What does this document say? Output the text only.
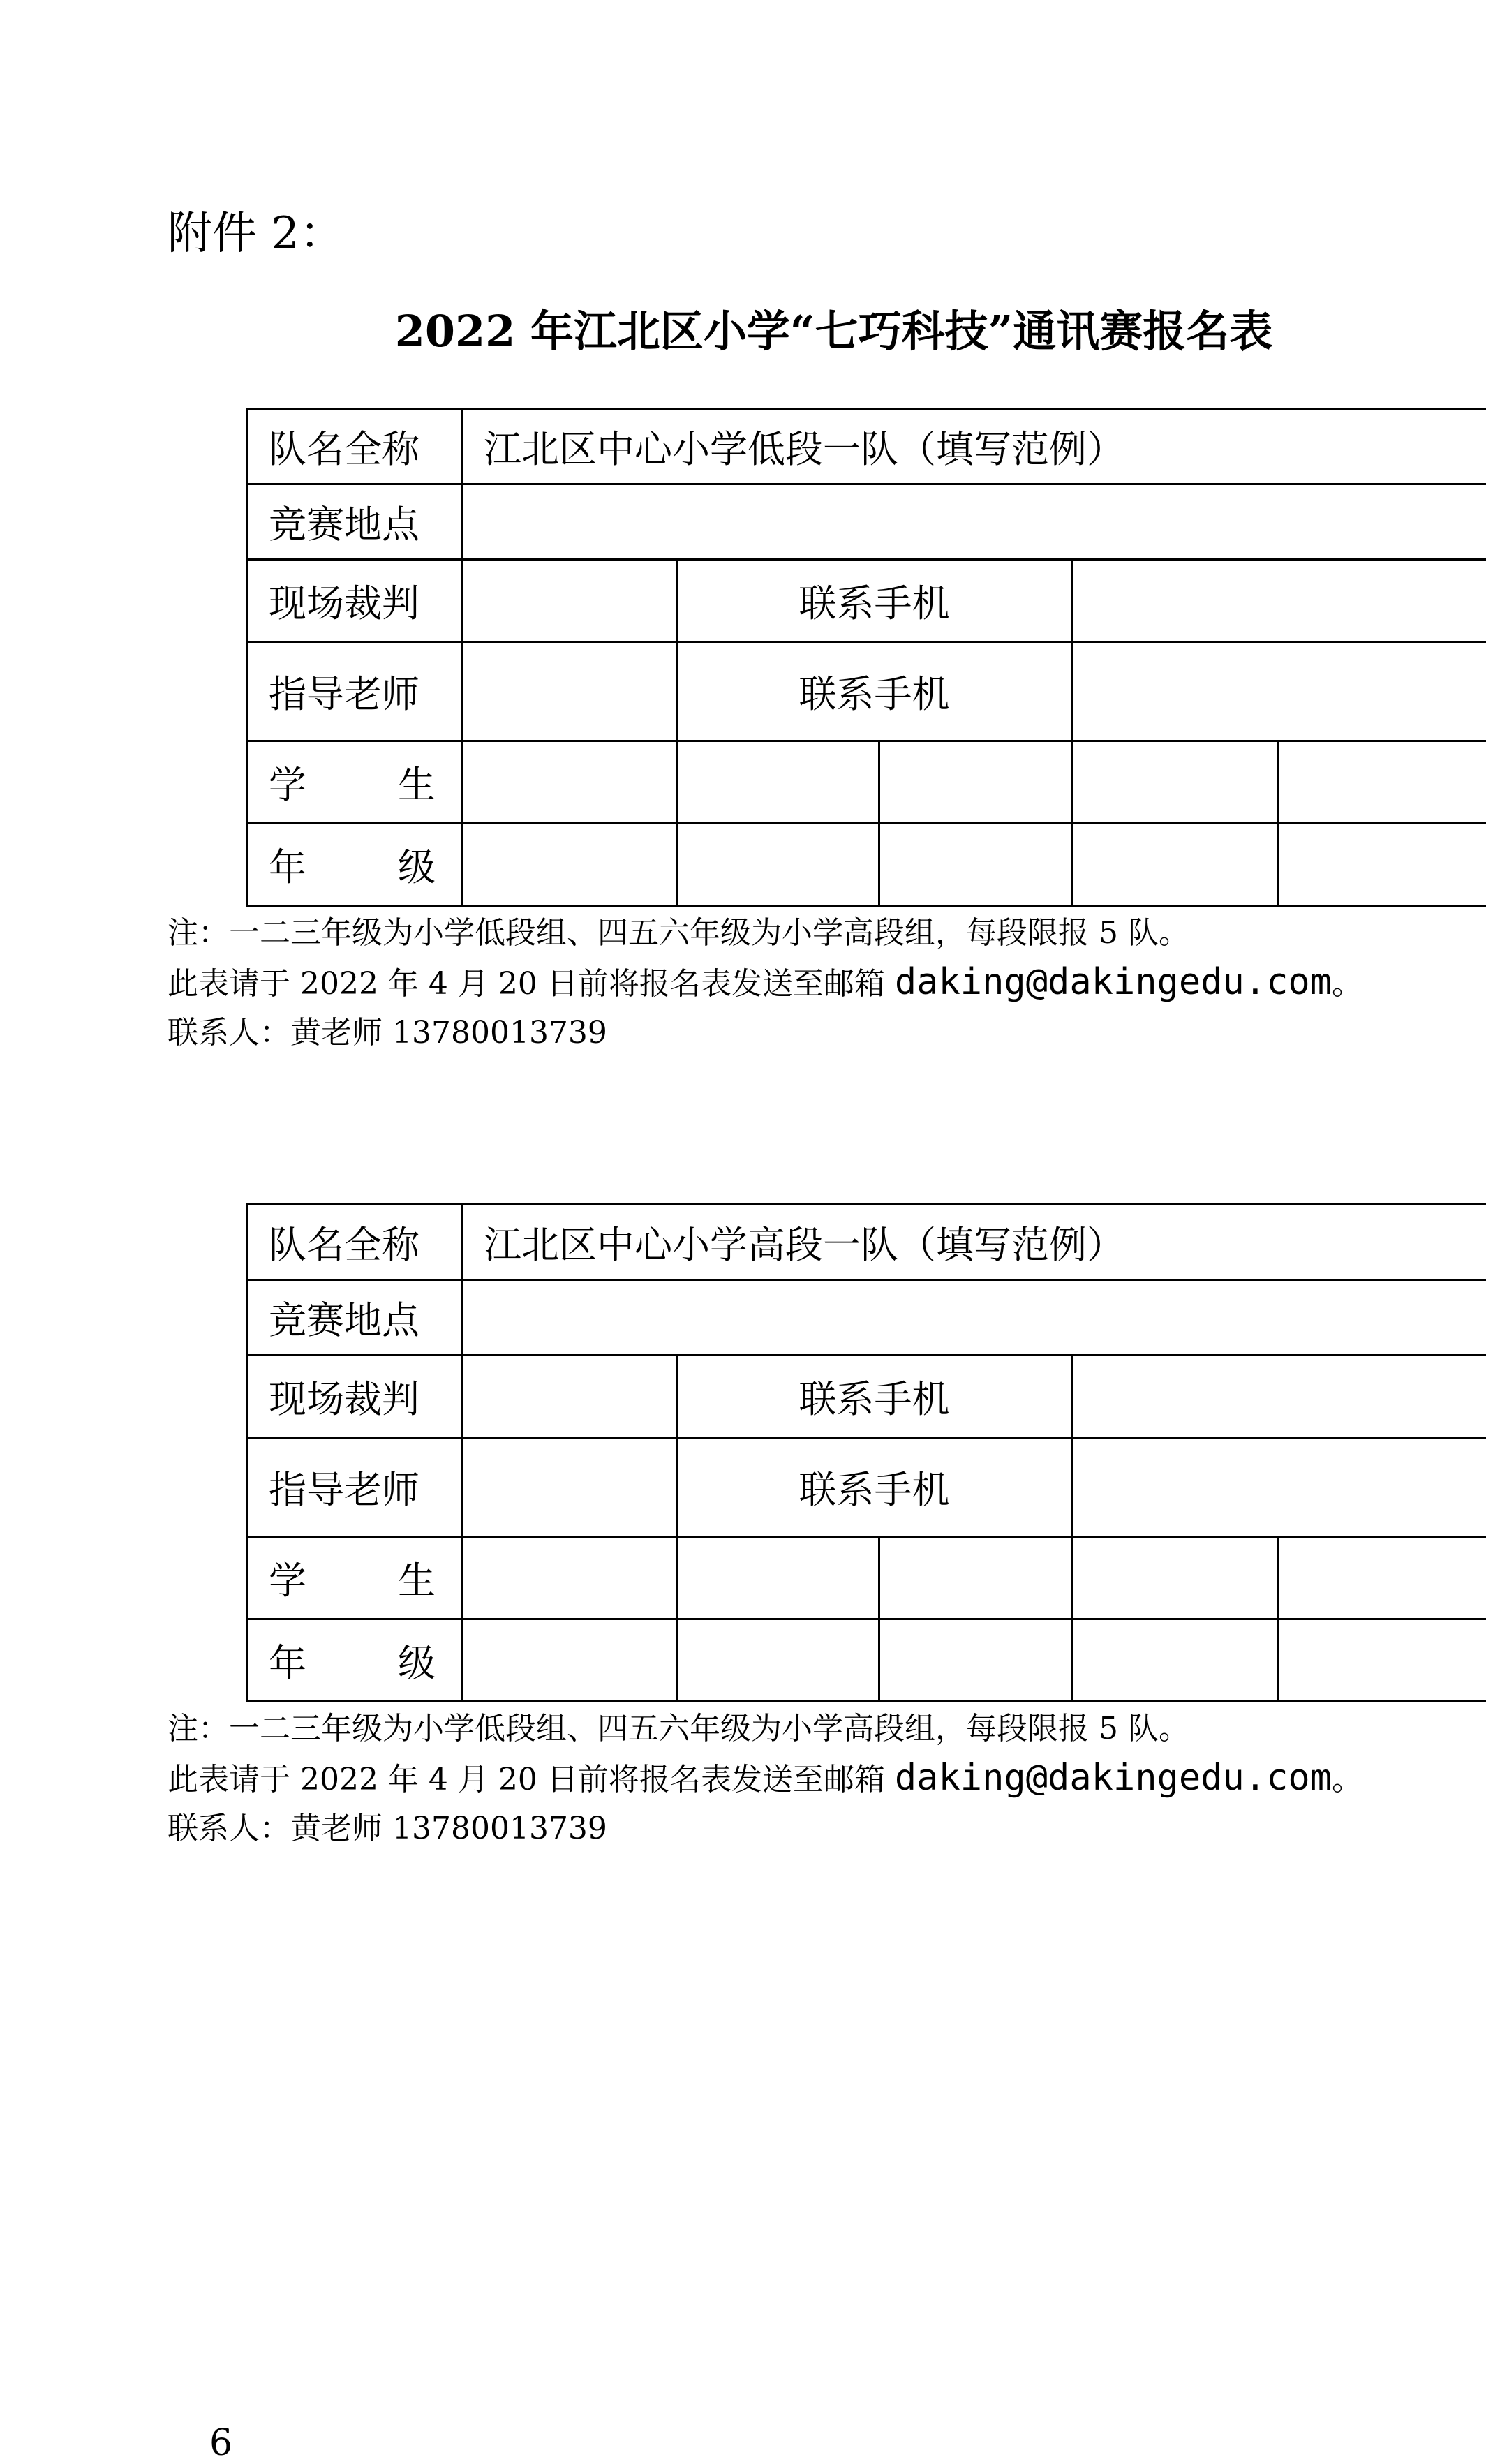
附件 2：
2022 年江北区小学“七巧科技”通讯赛报名表
队名全称	江北区中心小学低段一队（填写范例）				
竞赛地点					
现场裁判		联系手机			
指导老师		联系手机			
学生					
年级					
注：一二三年级为小学低段组、四五六年级为小学高段组，每段限报 5 队。
此表请于 2022 年 4 月 20 日前将报名表发送至邮箱 daking@dakingedu.com。
联系人：黄老师 13780013739
队名全称	江北区中心小学高段一队（填写范例）				
竞赛地点					
现场裁判		联系手机			
指导老师		联系手机			
学生					
年级					
注：一二三年级为小学低段组、四五六年级为小学高段组，每段限报 5 队。
此表请于 2022 年 4 月 20 日前将报名表发送至邮箱 daking@dakingedu.com。
联系人：黄老师 13780013739
6
